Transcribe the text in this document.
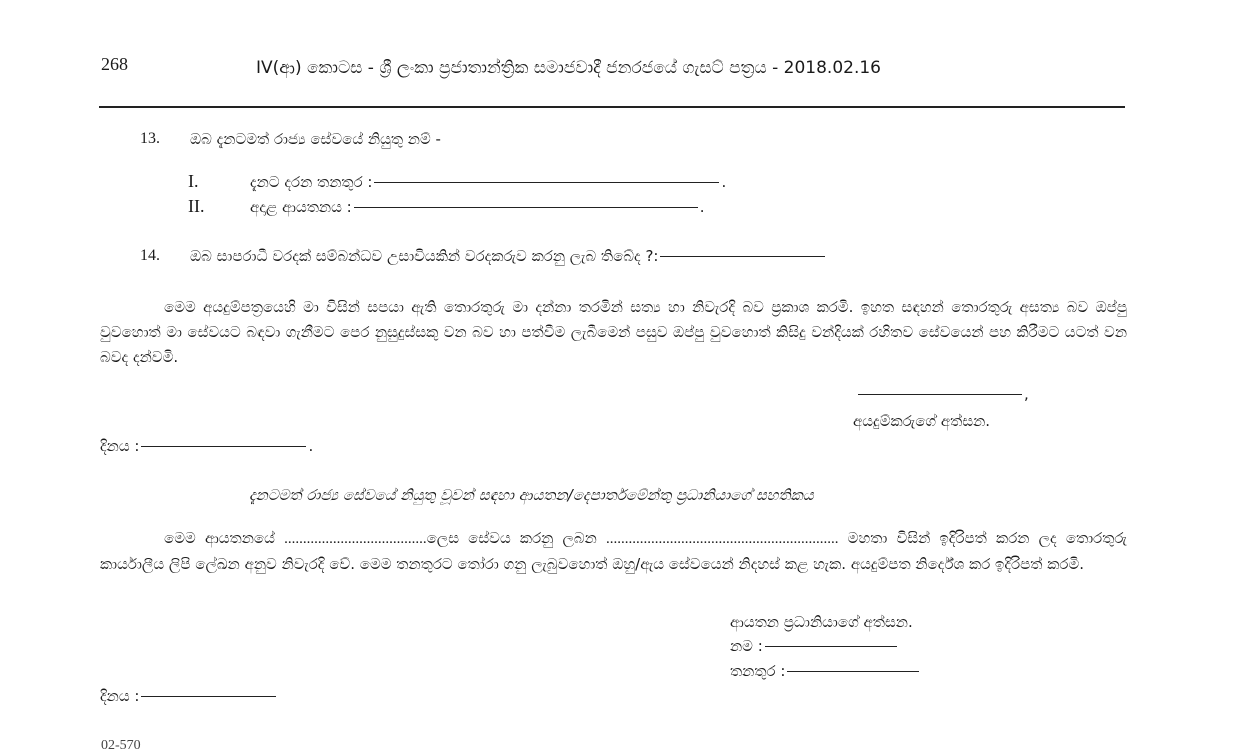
268	IV(ආ) කොටස - ශ්‍රී ලංකා ප්‍රජාතාන්ත්‍රික සමාජවාදී ජනරජයේ ගැසට් පත්‍රය - 2018.02.16
13. ඔබ දැනටමත් රාජ්‍ය සේවයේ නියුතු නම් -
I.	දැනට දරන තනතුර :	.
II.	අදාළ ආයතනය :	.
14. ඔබ සාපරාධී වරදක් සම්බන්ධව උසාවියකින් වරදකරුව කරනු ලැබ තිබේද ?:
මෙම අයදුම්පත්‍රයෙහි මා විසින් සපයා ඇති තොරතුරු මා දන්නා තරමින් සත්‍ය හා නිවැරදි බව ප්‍රකාශ කරමි. ඉහත සඳහන් තොරතුරු අසත්‍ය බව ඔප්පු වුවහොත් මා සේවයට බඳවා ගැනීමට පෙර නුසුදුස්සකු වන බව හා පත්වීම ලැබීමෙන් පසුව ඔප්පු වුවහොත් කිසිදු වන්දියක් රහිතව සේවයෙන් පහ කිරීමට යටත් වන බවද දන්වමි.
,
අයදුම්කරුගේ අත්සන.
දිනය :	.
දැනටමත් රාජ්‍ය සේවයේ නියුතු වූවන් සඳහා ආයතන/දෙපාර්තමේන්තු ප්‍රධානියාගේ සහතිකය
මෙම ආයතනයේ ......................................ලෙස සේවය කරනු ලබන .............................................................. මහතා විසින් ඉදිරිපත් කරන ලද තොරතුරු කාර්යාලීය ලිපි ලේඛන අනුව නිවැරදි වේ. මෙම තනතුරට තෝරා ගනු ලැබුවහොත් ඔහු/ඇය සේවයෙන් නිදහස් කළ හැක. අයදුම්පත නිර්දේශ කර ඉදිරිපත් කරමි.
ආයතන ප්‍රධානියාගේ අත්සන.
නම :
තනතුර :
දිනය :
02-570
